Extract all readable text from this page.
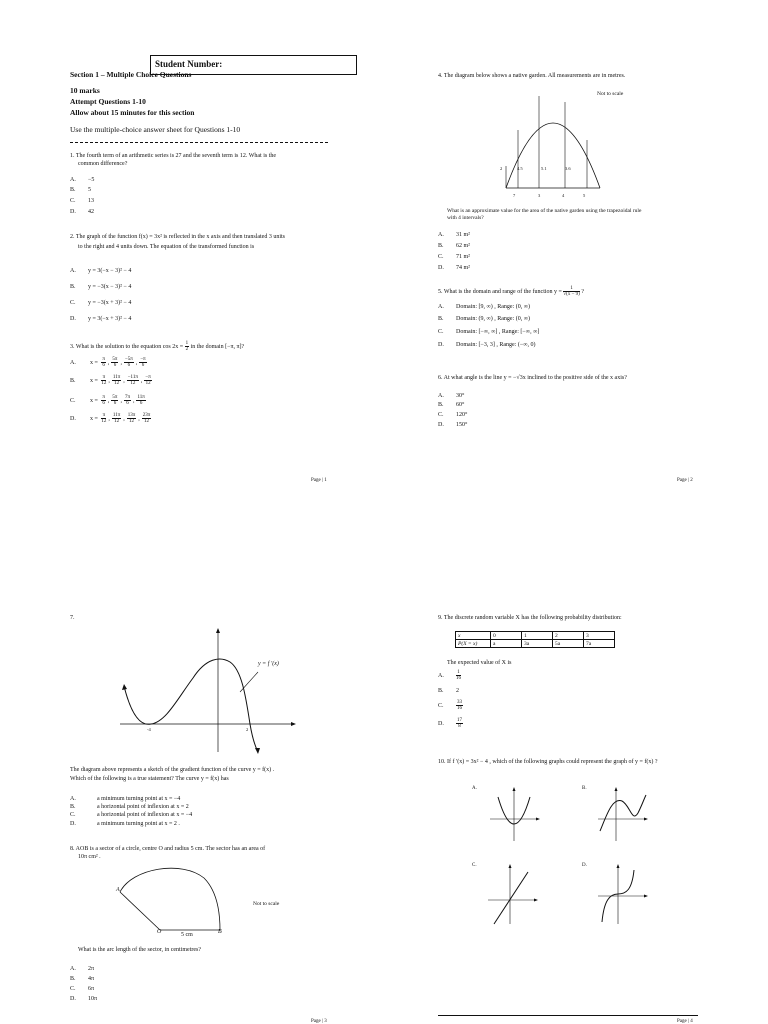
Student Number:
Section 1 – Multiple Choice Questions
10 marks
Attempt Questions 1-10
Allow about 15 minutes for this section
Use the multiple-choice answer sheet for Questions 1-10
1. The fourth term of an arithmetic series is 27 and the seventh term is 12. What is the
common difference?
A. −5
B. 5
C. 13
D. 42
2. The graph of the function f(x) = 3x² is reflected in the x axis and then translated 3 units
to the right and 4 units down. The equation of the transformed function is
A. y = 3(−x − 3)² − 4
B. y = −3(x − 3)² − 4
C. y = −3(x + 3)² − 4
D. y = 3(−x + 3)² − 4
3. What is the solution to the equation $\cos 2x = \frac{1}{2}$ in the domain [−π, π]?
A. $x = \frac{\pi}{6}$ , $\frac{5\pi}{6}$ , $\frac{-5\pi}{6}$ , $\frac{-\pi}{6}$
B. $x = \frac{\pi}{12}$ , $\frac{11\pi}{12}$ , $\frac{-11\pi}{12}$ , $\frac{-\pi}{12}$
C. $x = \frac{\pi}{6}$ , $\frac{5\pi}{6}$ , $\frac{7\pi}{6}$ , $\frac{11\pi}{6}$
D. $x = \frac{\pi}{12}$ , $\frac{11\pi}{12}$ , $\frac{13\pi}{12}$ , $\frac{23\pi}{12}$
Page | 1
4. The diagram below shows a native garden. All measurements are in metres.
Not to scale
2	4.5	5.1	3.6
7	3	4	5
What is an approximate value for the area of the native garden using the trapezoidal rule
with 4 intervals?
A. 31 m²
B. 62 m²
C. 71 m²
D. 74 m²
5. What is the domain and range of the function $y = \frac{1}{√(x - 9)}$ ?
A. Domain: [9, ∞) , Range: (0, ∞)
B. Domain: (9, ∞) , Range: (0, ∞)
C. Domain: [−∞, ∞] , Range: [−∞, ∞]
D. Domain: [−3, 3] , Range: (−∞, 0)
6. At what angle is the line y = −√3x inclined to the positive side of the x axis?
A. 30°
B. 60°
C. 120°
D. 150°
Page | 2
7.
y = f ′(x)
-4	2
The diagram above represents a sketch of the gradient function of the curve y = f(x) .
Which of the following is a true statement? The curve y = f(x) has
A.	a minimum turning point at x = −4
B.	a horizontal point of inflexion at x = 2
C.	a horizontal point of inflexion at x = −4
D.	a minimum turning point at x = 2 .
8. AOB is a sector of a circle, centre O and radius 5 cm. The sector has an area of
10π cm² .
A
O	B
5 cm
Not to scale
What is the arc length of the sector, in centimetres?
A. 2π
B. 4π
C. 6π
D. 10π
Page | 3
9. The discrete random variable X has the following probability distribution:
x	0	1	2	3
P(X = x)	a	3a	5a	7a
The expected value of X is
A. $\frac{1}{16}$
B. 2
C. $\frac{33}{16}$
D. $\frac{17}{8}$
10. If f ′(x) = 3x² − 4 , which of the following graphs could represent the graph of y = f(x) ?
A.	B.
C.	D.
Page | 4
